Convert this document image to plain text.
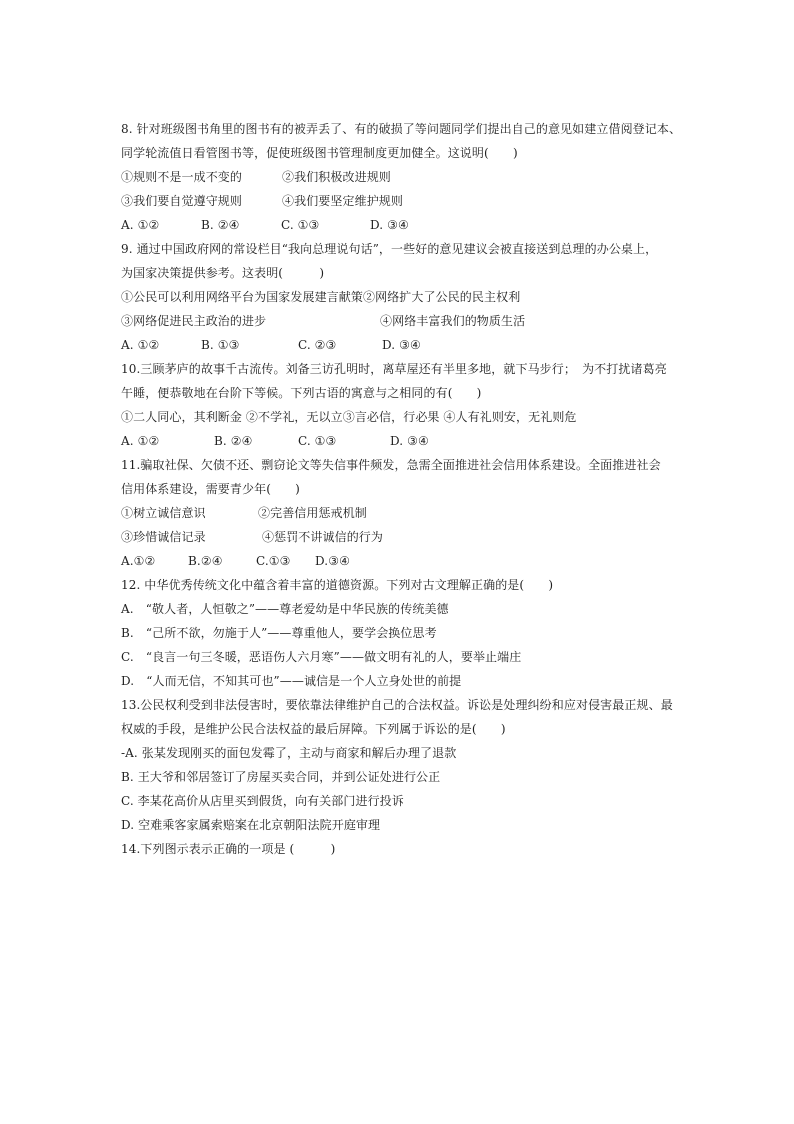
8. 针对班级图书角里的图书有的被弄丢了、有的破损了等问题同学们提出自己的意见如建立借阅登记本、
同学轮流值日看管图书等，促使班级图书管理制度更加健全。这说明(　　)
①规则不是一成不变的	②我们积极改进规则
③我们要自觉遵守规则	④我们要坚定维护规则
A. ①②	B. ②④	C. ①③	D. ③④
9. 通过中国政府网的常设栏目“我向总理说句话”，一些好的意见建议会被直接送到总理的办公桌上，
为国家决策提供参考。这表明(　　　)
①公民可以利用网络平台为国家发展建言献策②网络扩大了公民的民主权利
③网络促进民主政治的进步	④网络丰富我们的物质生活
A. ①②	B. ①③	C. ②③	D. ③④
10.三顾茅庐的故事千古流传。刘备三访孔明时，离草屋还有半里多地，就下马步行；　为不打扰诸葛亮
午睡，便恭敬地在台阶下等候。下列古语的寓意与之相同的有(　　)
①二人同心，其利断金 ②不学礼，无以立③言必信，行必果 ④人有礼则安，无礼则危
A. ①②	B. ②④	C. ①③	D. ③④
11.骗取社保、欠债不还、剽窃论文等失信事件频发，急需全面推进社会信用体系建设。全面推进社会
信用体系建设，需要青少年(　　)
①树立诚信意识	②完善信用惩戒机制
③珍惜诚信记录	④惩罚不讲诚信的行为
A.①②	B.②④	C.①③ D.③④
12. 中华优秀传统文化中蕴含着丰富的道德资源。下列对古文理解正确的是(　　)
A.　“敬人者，人恒敬之”——尊老爱幼是中华民族的传统美德
B.　“己所不欲，勿施于人”——尊重他人，要学会换位思考
C.　“良言一句三冬暖，恶语伤人六月寒”——做文明有礼的人，要举止端庄
D.　“人而无信，不知其可也”——诚信是一个人立身处世的前提
13.公民权利受到非法侵害时，要依靠法律维护自己的合法权益。诉讼是处理纠纷和应对侵害最正规、最
权威的手段，是维护公民合法权益的最后屏障。下列属于诉讼的是(　　)
-A. 张某发现刚买的面包发霉了，主动与商家和解后办理了退款
B. 王大爷和邻居签订了房屋买卖合同，并到公证处进行公正
C. 李某花高价从店里买到假货，向有关部门进行投诉
D. 空难乘客家属索赔案在北京朝阳法院开庭审理
14.下列图示表示正确的一项是 (　　　)
